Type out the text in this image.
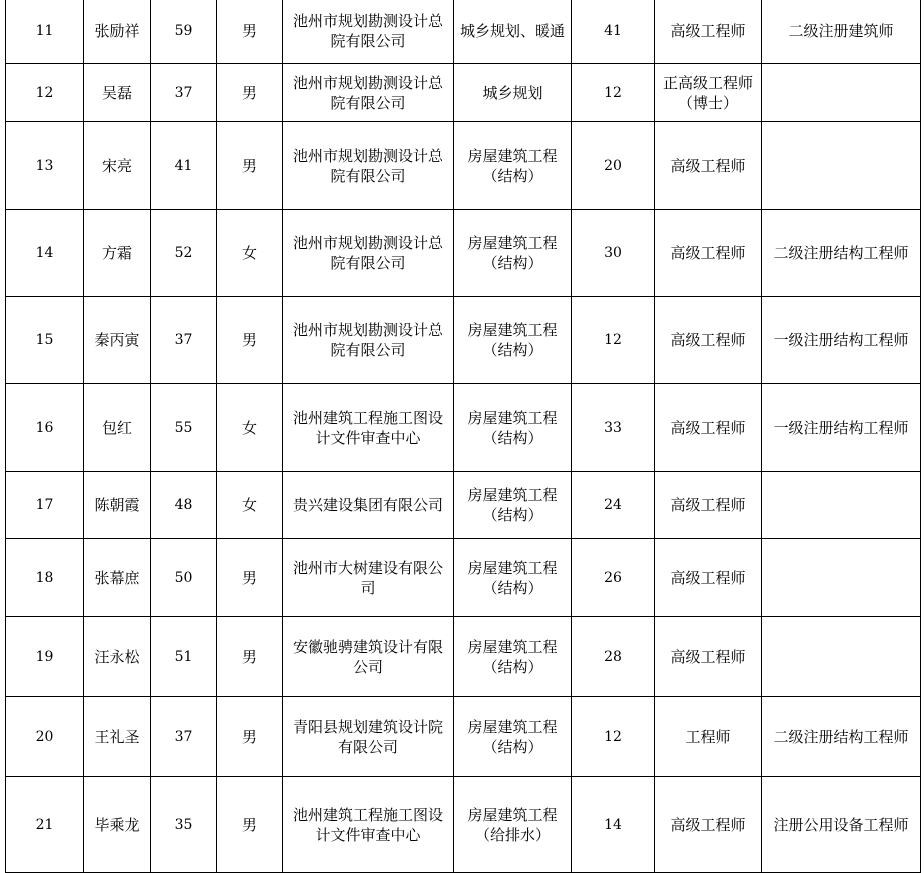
11	张励祥	59	男	池州市规划勘测设计总院有限公司	城乡规划、暖通	41	高级工程师	二级注册建筑师
12	吴磊	37	男	池州市规划勘测设计总院有限公司	城乡规划	12	正高级工程师（博士）	
13	宋亮	41	男	池州市规划勘测设计总院有限公司	房屋建筑工程（结构）	20	高级工程师	
14	方霜	52	女	池州市规划勘测设计总院有限公司	房屋建筑工程（结构）	30	高级工程师	二级注册结构工程师
15	秦丙寅	37	男	池州市规划勘测设计总院有限公司	房屋建筑工程（结构）	12	高级工程师	一级注册结构工程师
16	包红	55	女	池州建筑工程施工图设计文件审查中心	房屋建筑工程（结构）	33	高级工程师	一级注册结构工程师
17	陈朝霞	48	女	贵兴建设集团有限公司	房屋建筑工程（结构）	24	高级工程师	
18	张幕庶	50	男	池州市大树建设有限公司	房屋建筑工程（结构）	26	高级工程师	
19	汪永松	51	男	安徽驰骋建筑设计有限公司	房屋建筑工程（结构）	28	高级工程师	
20	王礼圣	37	男	青阳县规划建筑设计院有限公司	房屋建筑工程（结构）	12	工程师	二级注册结构工程师
21	毕乘龙	35	男	池州建筑工程施工图设计文件审查中心	房屋建筑工程（给排水）	14	高级工程师	注册公用设备工程师
